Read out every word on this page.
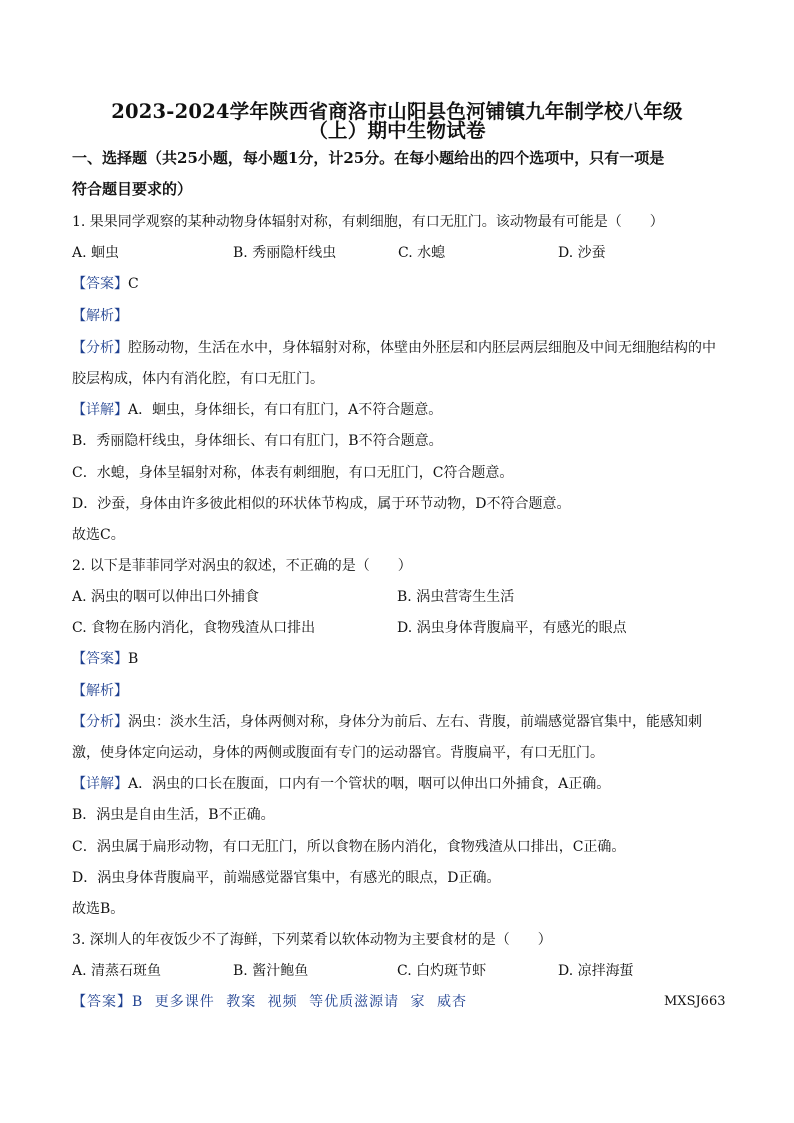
2023-2024学年陕西省商洛市山阳县色河铺镇九年制学校八年级
（上）期中生物试卷
一、选择题（共25小题，每小题1分，计25分。在每小题给出的四个选项中，只有一项是
符合题目要求的）
1. 果果同学观察的某种动物身体辐射对称，有刺细胞，有口无肛门。该动物最有可能是（　　）
A. 蛔虫	B. 秀丽隐杆线虫	C. 水螅	D. 沙蚕
【答案】C
【解析】
【分析】腔肠动物，生活在水中，身体辐射对称，体壁由外胚层和内胚层两层细胞及中间无细胞结构的中
胶层构成，体内有消化腔，有口无肛门。
【详解】A．蛔虫，身体细长，有口有肛门，A不符合题意。
B．秀丽隐杆线虫，身体细长、有口有肛门，B不符合题意。
C．水螅，身体呈辐射对称，体表有刺细胞，有口无肛门，C符合题意。
D．沙蚕，身体由许多彼此相似的环状体节构成，属于环节动物，D不符合题意。
故选C。
2. 以下是菲菲同学对涡虫的叙述，不正确的是（　　）
A. 涡虫的咽可以伸出口外捕食	B. 涡虫营寄生生活
C. 食物在肠内消化，食物残渣从口排出	D. 涡虫身体背腹扁平，有感光的眼点
【答案】B
【解析】
【分析】涡虫：淡水生活，身体两侧对称，身体分为前后、左右、背腹，前端感觉器官集中，能感知刺
激，使身体定向运动，身体的两侧或腹面有专门的运动器官。背腹扁平，有口无肛门。
【详解】A．涡虫的口长在腹面，口内有一个管状的咽，咽可以伸出口外捕食，A正确。
B．涡虫是自由生活，B不正确。
C．涡虫属于扁形动物，有口无肛门，所以食物在肠内消化，食物残渣从口排出，C正确。
D．涡虫身体背腹扁平，前端感觉器官集中，有感光的眼点，D正确。
故选B。
3. 深圳人的年夜饭少不了海鲜，下列菜肴以软体动物为主要食材的是（　　）
A. 清蒸石斑鱼	B. 酱汁鲍鱼	C. 白灼斑节虾	D. 凉拌海蜇
【答案】B 更多课件 教案 视频 等优质滋源请 家 威杏	MXSJ663
